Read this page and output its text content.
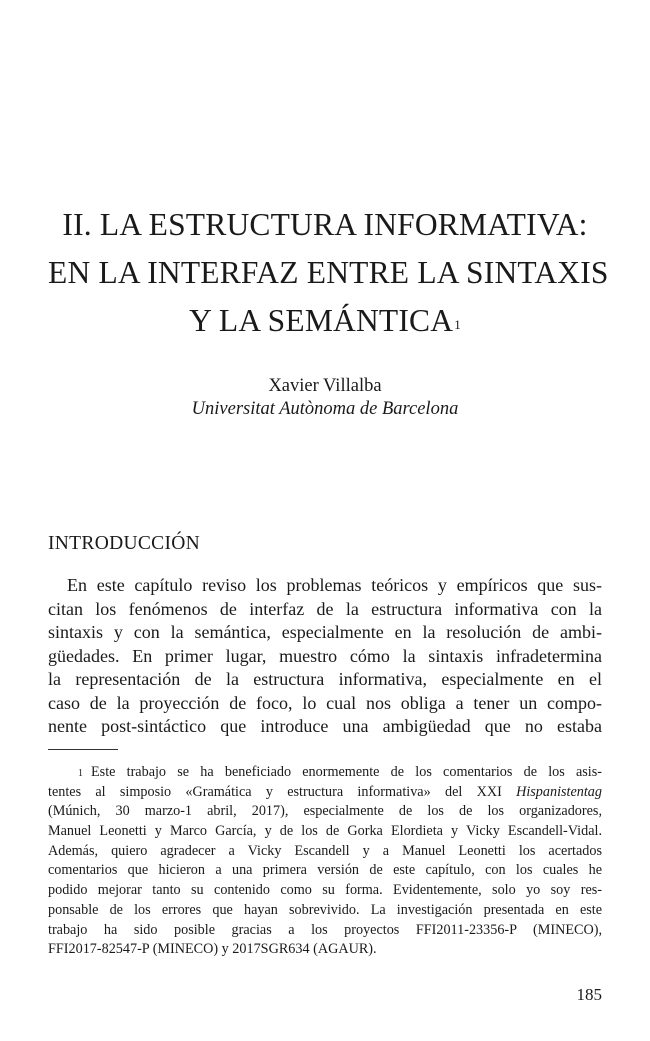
II. LA ESTRUCTURA INFORMATIVA:
EN LA INTERFAZ ENTRE LA SINTAXIS
Y LA SEMÁNTICA$^1$
Xavier Villalba
Universitat Autònoma de Barcelona
INTRODUCCIÓN
En este capítulo reviso los problemas teóricos y empíricos que sus-
citan los fenómenos de interfaz de la estructura informativa con la
sintaxis y con la semántica, especialmente en la resolución de ambi-
güedades. En primer lugar, muestro cómo la sintaxis infradetermina
la representación de la estructura informativa, especialmente en el
caso de la proyección de foco, lo cual nos obliga a tener un compo-
nente post-sintáctico que introduce una ambigüedad que no estaba
$^1$ Este trabajo se ha beneficiado enormemente de los comentarios de los asis-
tentes al simposio «Gramática y estructura informativa» del XXI Hispanistentag
(Múnich, 30 marzo-1 abril, 2017), especialmente de los de los organizadores,
Manuel Leonetti y Marco García, y de los de Gorka Elordieta y Vicky Escandell-Vidal.
Además, quiero agradecer a Vicky Escandell y a Manuel Leonetti los acertados
comentarios que hicieron a una primera versión de este capítulo, con los cuales he
podido mejorar tanto su contenido como su forma. Evidentemente, solo yo soy res-
ponsable de los errores que hayan sobrevivido. La investigación presentada en este
trabajo ha sido posible gracias a los proyectos FFI2011-23356-P (MINECO),
FFI2017-82547-P (MINECO) y 2017SGR634 (AGAUR).
185
